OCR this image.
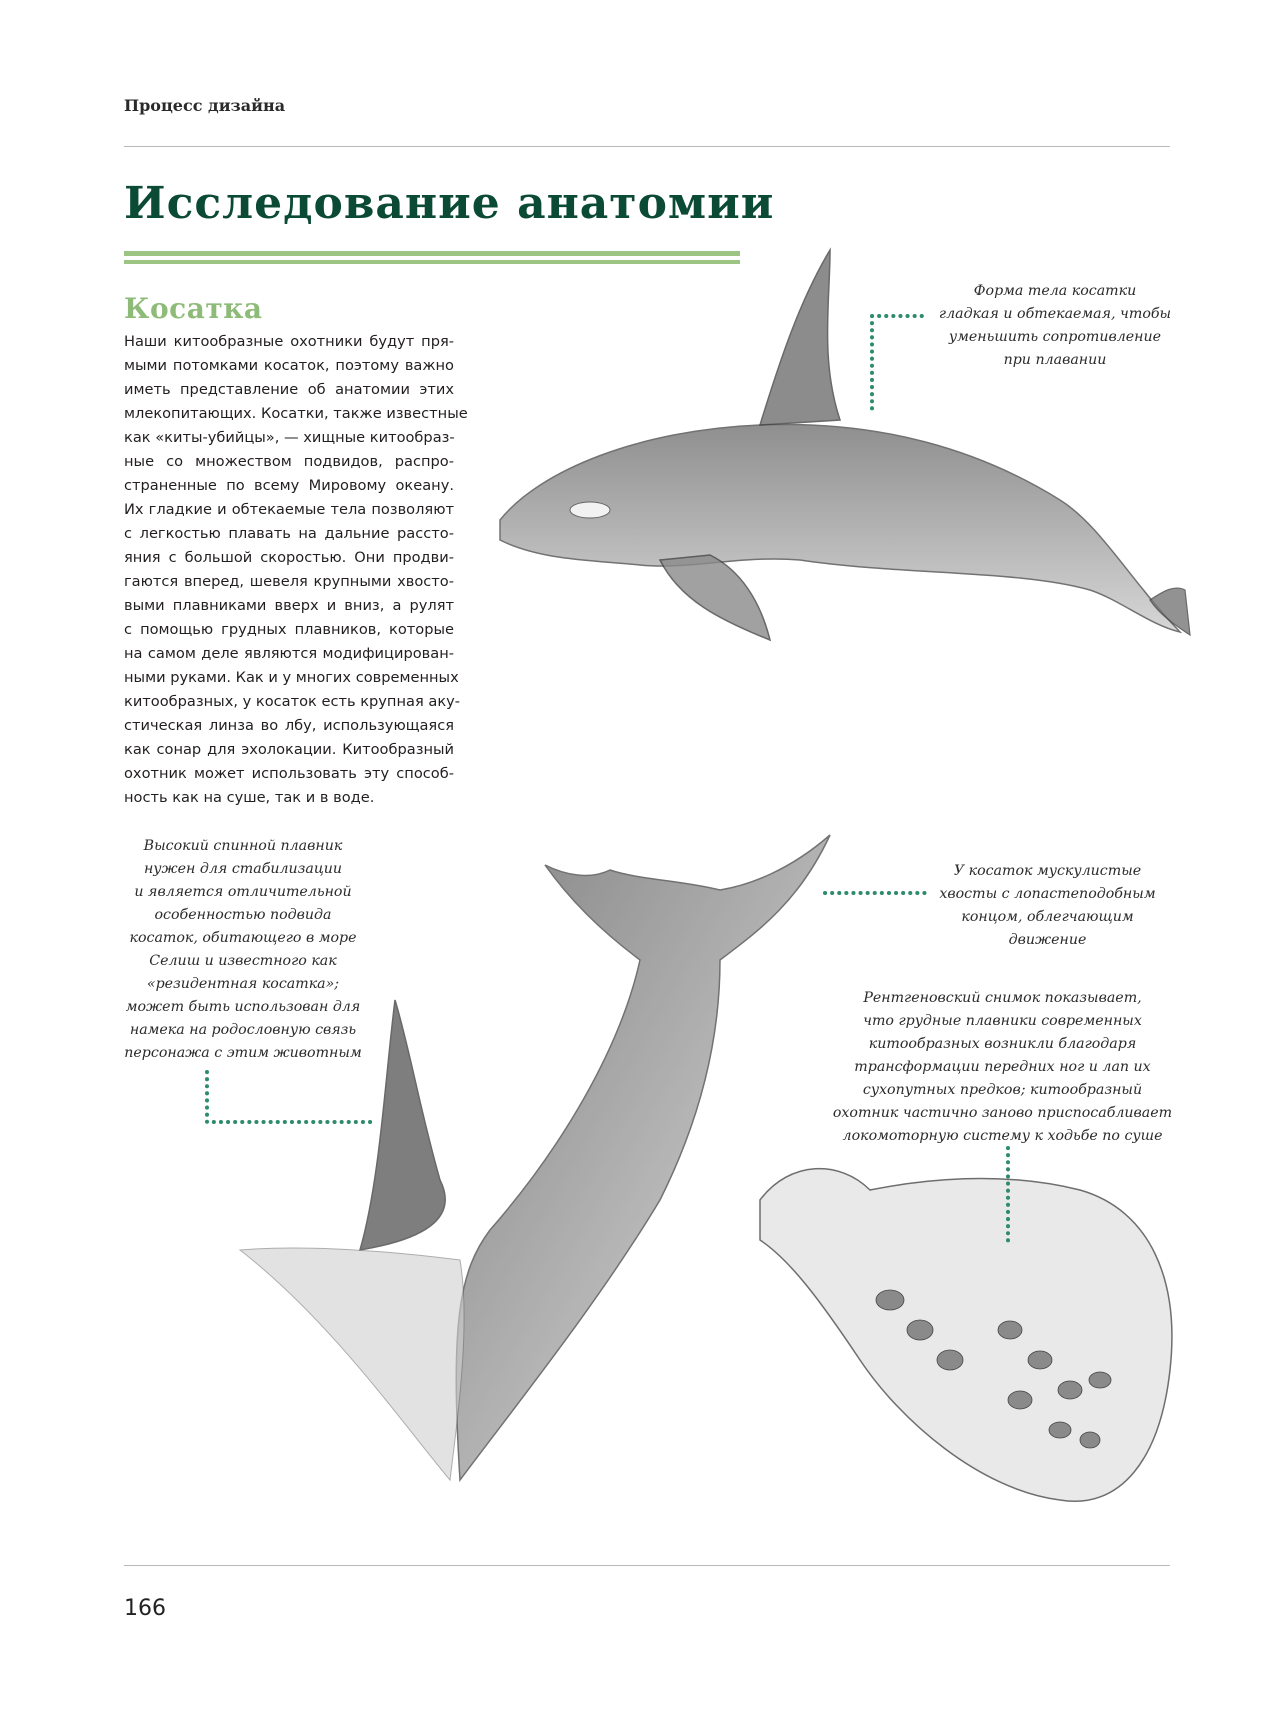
Процесс дизайна
Исследование анатомии
Косатка
Наши китообразные охотники будут пря-
мыми потомками косаток, поэтому важно
иметь представление об анатомии этих
млекопитающих. Косатки, также известные
как «киты-убийцы», — хищные китообраз-
ные со множеством подвидов, распро-
страненные по всему Мировому океану.
Их гладкие и обтекаемые тела позволяют
с легкостью плавать на дальние рассто-
яния с большой скоростью. Они продви-
гаются вперед, шевеля крупными хвосто-
выми плавниками вверх и вниз, а рулят
с помощью грудных плавников, которые
на самом деле являются модифицирован-
ными руками. Как и у многих современных
китообразных, у косаток есть крупная аку-
стическая линза во лбу, использующаяся
как сонар для эхолокации. Китообразный
охотник может использовать эту способ-
ность как на суше, так и в воде.
Форма тела косатки
гладкая и обтекаемая, чтобы
уменьшить сопротивление
при плавании
Высокий спинной плавник
нужен для стабилизации
и является отличительной
особенностью подвида
косаток, обитающего в море
Селиш и известного как
«резидентная косатка»;
может быть использован для
намека на родословную связь
персонажа с этим животным
У косаток мускулистые
хвосты с лопастеподобным
концом, облегчающим
движение
Рентгеновский снимок показывает,
что грудные плавники современных
китообразных возникли благодаря
трансформации передних ног и лап их
сухопутных предков; китообразный
охотник частично заново приспосабливает
локомоторную систему к ходьбе по суше
166
